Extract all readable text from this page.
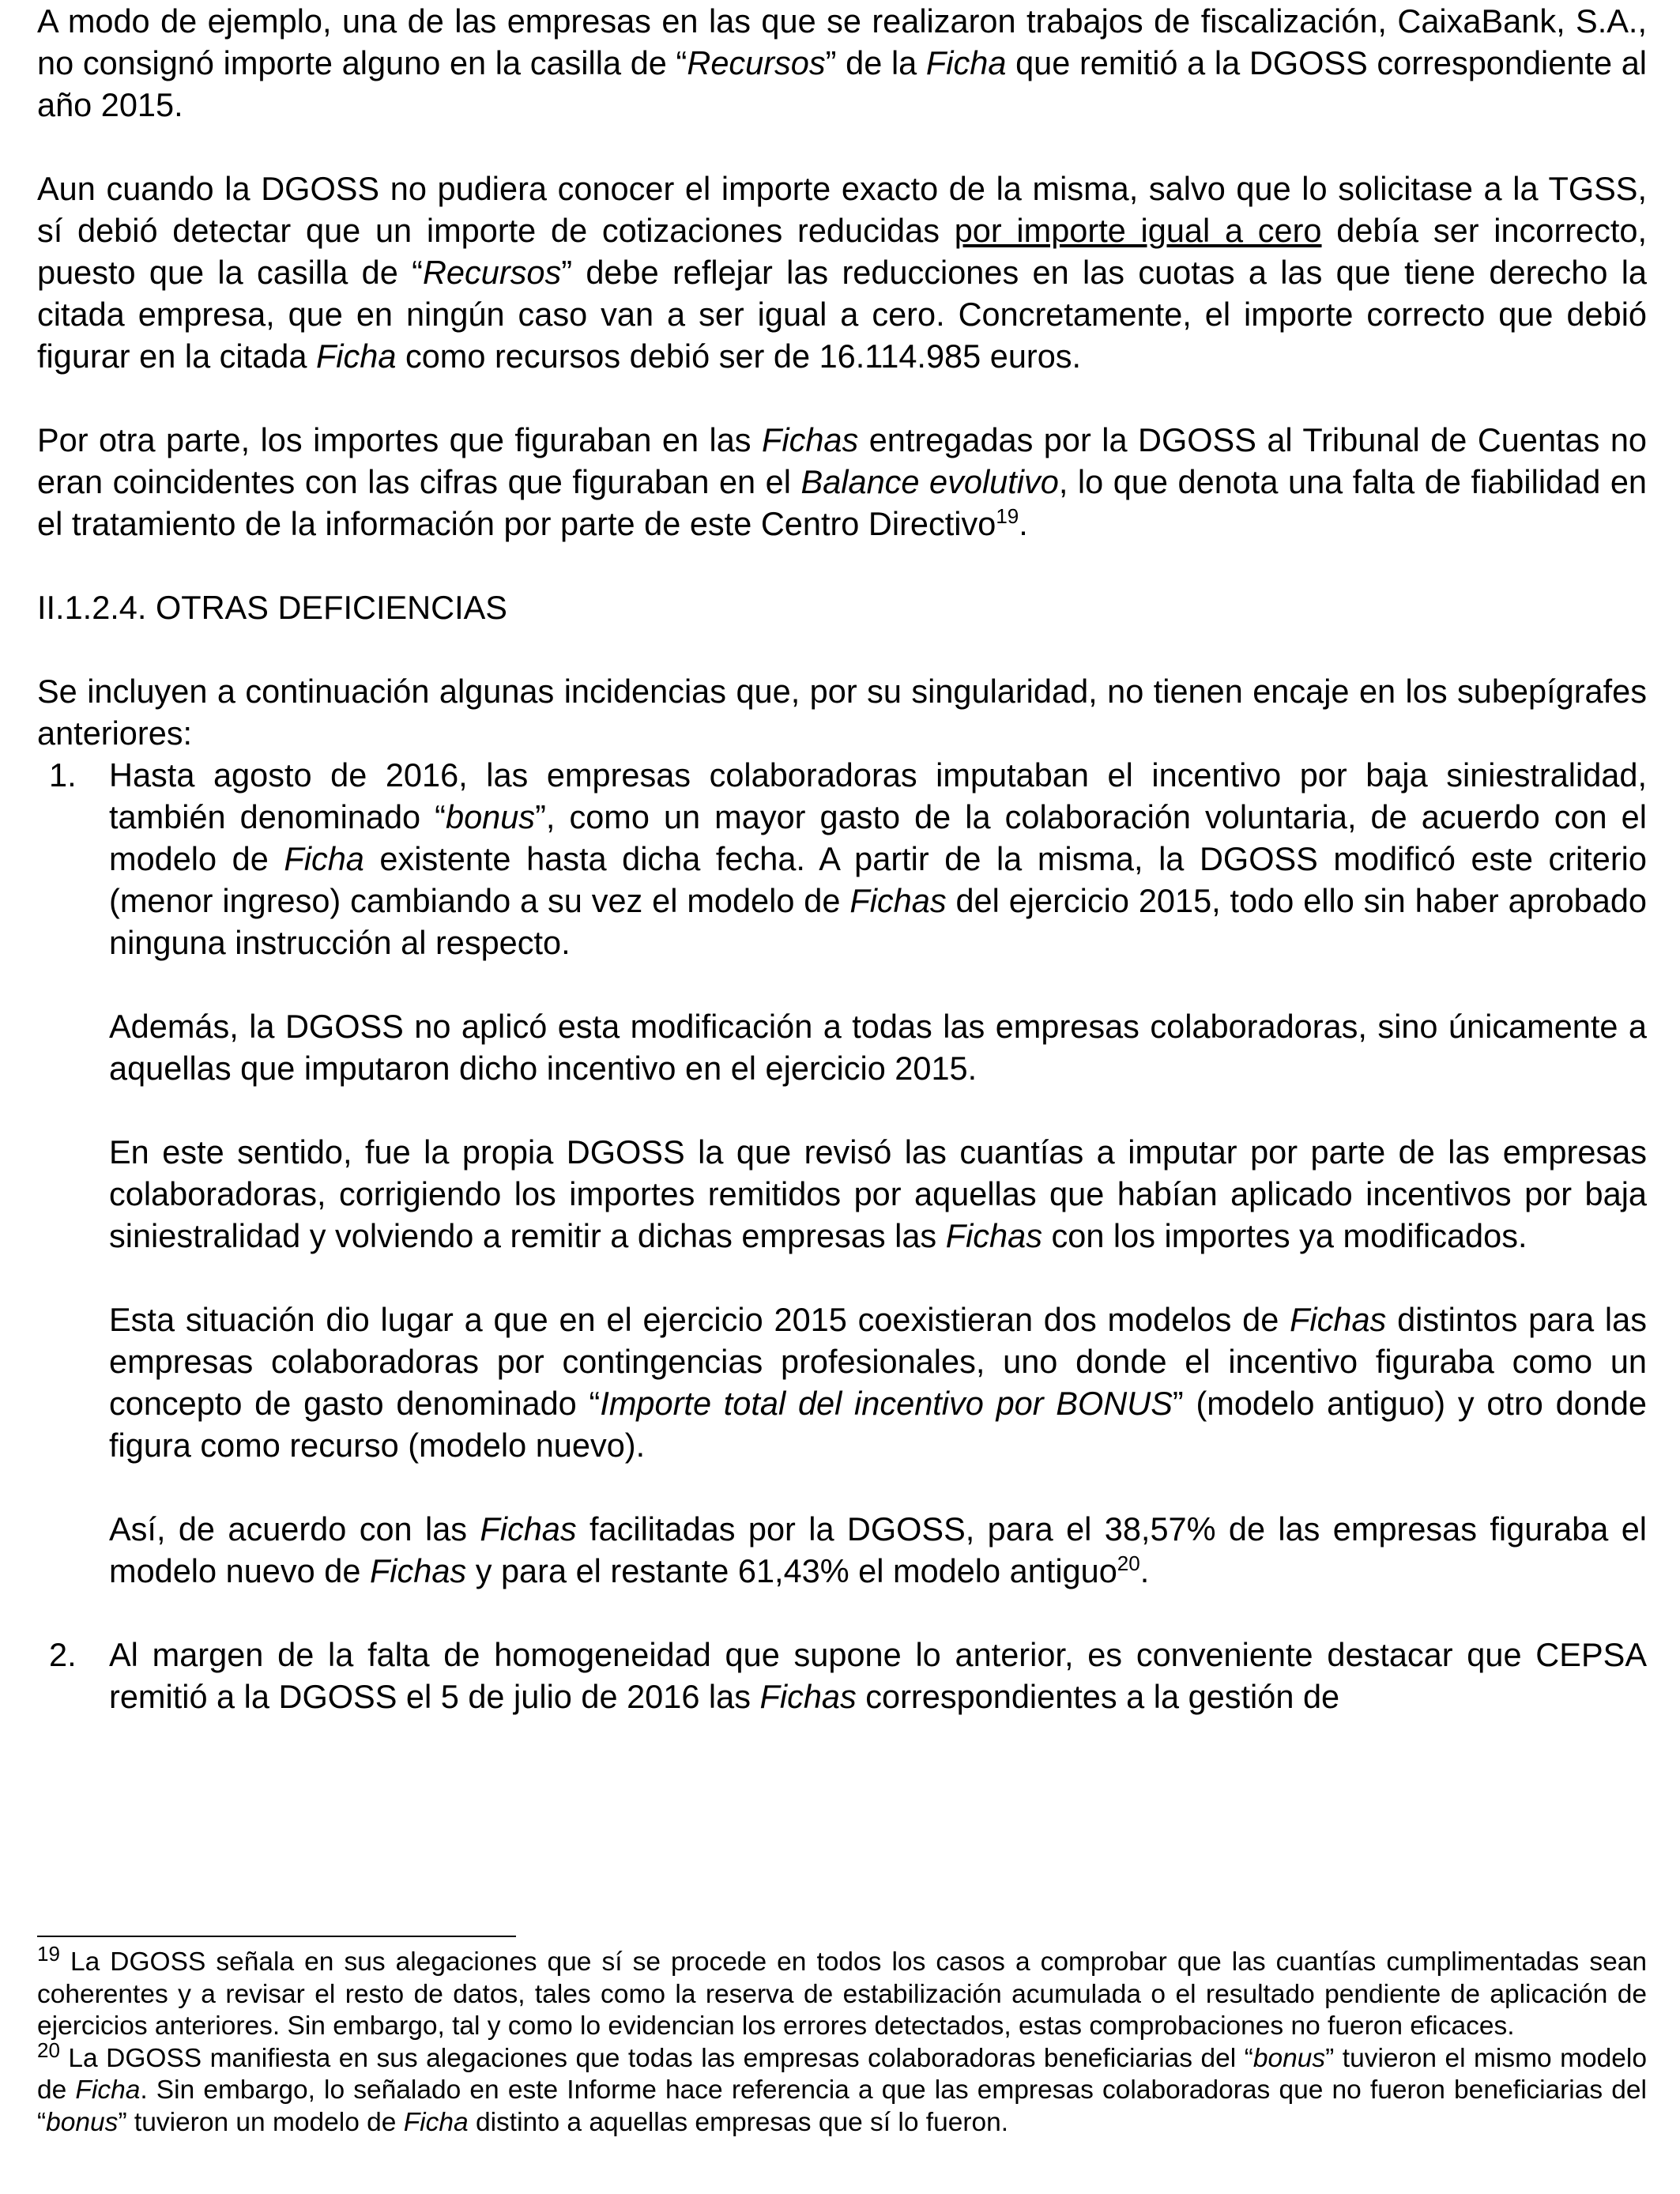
A modo de ejemplo, una de las empresas en las que se realizaron trabajos de fiscalización, CaixaBank, S.A., no consignó importe alguno en la casilla de “Recursos” de la Ficha que remitió a la DGOSS correspondiente al año 2015.

Aun cuando la DGOSS no pudiera conocer el importe exacto de la misma, salvo que lo solicitase a la TGSS, sí debió detectar que un importe de cotizaciones reducidas por importe igual a cero debía ser incorrecto, puesto que la casilla de “Recursos” debe reflejar las reducciones en las cuotas a las que tiene derecho la citada empresa, que en ningún caso van a ser igual a cero. Concretamente, el importe correcto que debió figurar en la citada Ficha como recursos debió ser de 16.114.985 euros.

Por otra parte, los importes que figuraban en las Fichas entregadas por la DGOSS al Tribunal de Cuentas no eran coincidentes con las cifras que figuraban en el Balance evolutivo, lo que denota una falta de fiabilidad en el tratamiento de la información por parte de este Centro Directivo$^{19}$.

II.1.2.4. OTRAS DEFICIENCIAS

Se incluyen a continuación algunas incidencias que, por su singularidad, no tienen encaje en los subepígrafes anteriores:

1. Hasta agosto de 2016, las empresas colaboradoras imputaban el incentivo por baja siniestralidad, también denominado “bonus”, como un mayor gasto de la colaboración voluntaria, de acuerdo con el modelo de Ficha existente hasta dicha fecha. A partir de la misma, la DGOSS modificó este criterio (menor ingreso) cambiando a su vez el modelo de Fichas del ejercicio 2015, todo ello sin haber aprobado ninguna instrucción al respecto.

Además, la DGOSS no aplicó esta modificación a todas las empresas colaboradoras, sino únicamente a aquellas que imputaron dicho incentivo en el ejercicio 2015.

En este sentido, fue la propia DGOSS la que revisó las cuantías a imputar por parte de las empresas colaboradoras, corrigiendo los importes remitidos por aquellas que habían aplicado incentivos por baja siniestralidad y volviendo a remitir a dichas empresas las Fichas con los importes ya modificados.

Esta situación dio lugar a que en el ejercicio 2015 coexistieran dos modelos de Fichas distintos para las empresas colaboradoras por contingencias profesionales, uno donde el incentivo figuraba como un concepto de gasto denominado “Importe total del incentivo por BONUS” (modelo antiguo) y otro donde figura como recurso (modelo nuevo).

Así, de acuerdo con las Fichas facilitadas por la DGOSS, para el 38,57% de las empresas figuraba el modelo nuevo de Fichas y para el restante 61,43% el modelo antiguo$^{20}$.

2. Al margen de la falta de homogeneidad que supone lo anterior, es conveniente destacar que CEPSA remitió a la DGOSS el 5 de julio de 2016 las Fichas correspondientes a la gestión de

$^{19}$ La DGOSS señala en sus alegaciones que sí se procede en todos los casos a comprobar que las cuantías cumplimentadas sean coherentes y a revisar el resto de datos, tales como la reserva de estabilización acumulada o el resultado pendiente de aplicación de ejercicios anteriores. Sin embargo, tal y como lo evidencian los errores detectados, estas comprobaciones no fueron eficaces.

$^{20}$ La DGOSS manifiesta en sus alegaciones que todas las empresas colaboradoras beneficiarias del “bonus” tuvieron el mismo modelo de Ficha. Sin embargo, lo señalado en este Informe hace referencia a que las empresas colaboradoras que no fueron beneficiarias del “bonus” tuvieron un modelo de Ficha distinto a aquellas empresas que sí lo fueron.
